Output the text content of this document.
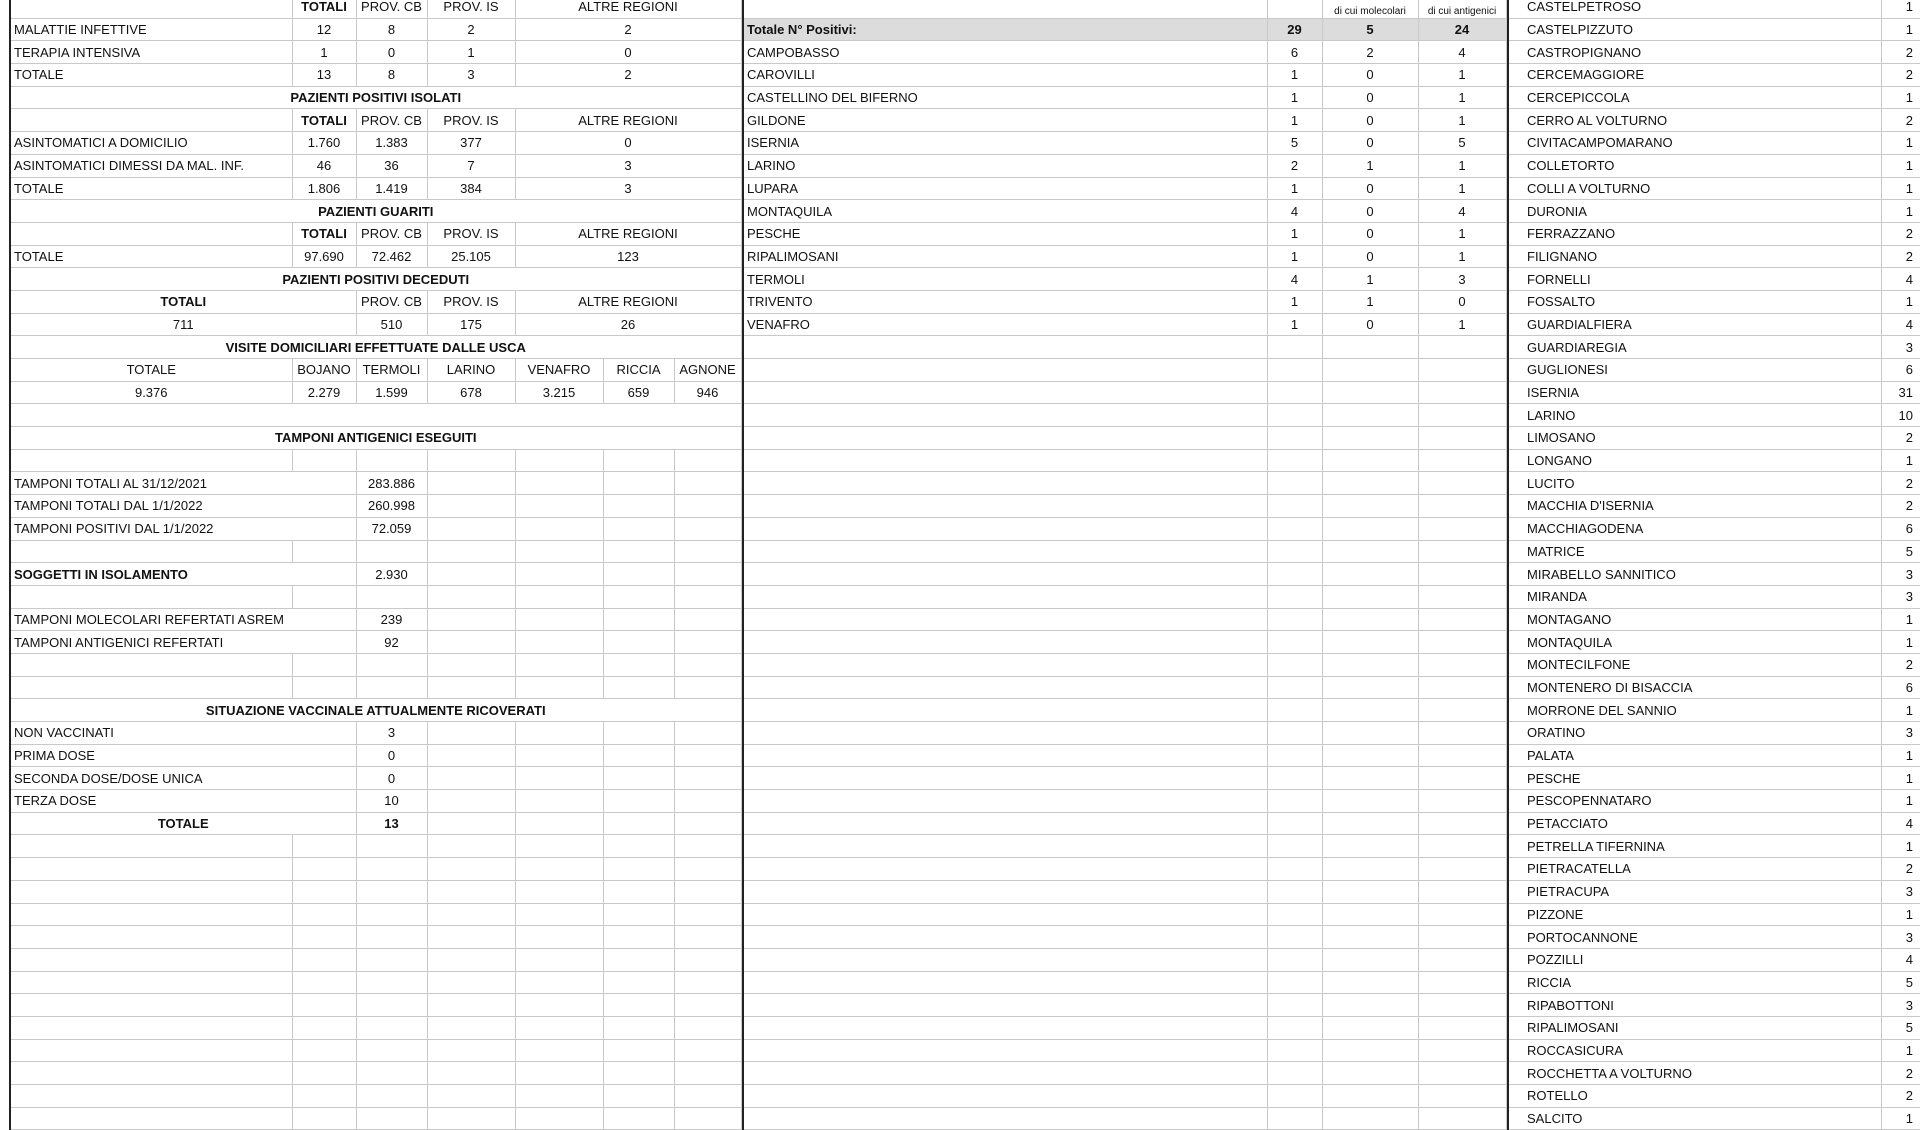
	TOTALI	PROV. CB	PROV. IS	ALTRE REGIONI		
MALATTIE INFETTIVE	12	8	2	2		
TERAPIA INTENSIVA	1	0	1	0		
TOTALE	13	8	3	2		
PAZIENTI POSITIVI ISOLATI						
	TOTALI	PROV. CB	PROV. IS	ALTRE REGIONI		
ASINTOMATICI A DOMICILIO	1.760	1.383	377	0		
ASINTOMATICI DIMESSI DA MAL. INF.	46	36	7	3		
TOTALE	1.806	1.419	384	3		
PAZIENTI GUARITI						
	TOTALI	PROV. CB	PROV. IS	ALTRE REGIONI		
TOTALE	97.690	72.462	25.105	123		
PAZIENTI POSITIVI DECEDUTI						
TOTALI		PROV. CB	PROV. IS	ALTRE REGIONI		
711		510	175	26		
VISITE DOMICILIARI EFFETTUATE DALLE USCA						
TOTALE	BOJANO	TERMOLI	LARINO	VENAFRO	RICCIA	AGNONE
9.376	2.279	1.599	678	3.215	659	946

TAMPONI ANTIGENICI ESEGUITI						

TAMPONI TOTALI AL 31/12/2021		283.886				
TAMPONI TOTALI DAL 1/1/2022		260.998				
TAMPONI POSITIVI DAL 1/1/2022		72.059				

SOGGETTI IN ISOLAMENTO		2.930				

TAMPONI MOLECOLARI REFERTATI ASREM		239				
TAMPONI ANTIGENICI REFERTATI		92				

SITUAZIONE VACCINALE ATTUALMENTE RICOVERATI						
NON VACCINATI		3				
PRIMA DOSE		0				
SECONDA DOSE/DOSE UNICA		0				
TERZA DOSE		10				
TOTALE		13				

		di cui molecolari	di cui antigenici
Totale N° Positivi:	29	5	24
CAMPOBASSO	6	2	4
CAROVILLI	1	0	1
CASTELLINO DEL BIFERNO	1	0	1
GILDONE	1	0	1
ISERNIA	5	0	5
LARINO	2	1	1
LUPARA	1	0	1
MONTAQUILA	4	0	4
PESCHE	1	0	1
RIPALIMOSANI	1	0	1
TERMOLI	4	1	3
TRIVENTO	1	1	0
VENAFRO	1	0	1

CASTELPETROSO	1
CASTELPIZZUTO	1
CASTROPIGNANO	2
CERCEMAGGIORE	2
CERCEPICCOLA	1
CERRO AL VOLTURNO	2
CIVITACAMPOMARANO	1
COLLETORTO	1
COLLI A VOLTURNO	1
DURONIA	1
FERRAZZANO	2
FILIGNANO	2
FORNELLI	4
FOSSALTO	1
GUARDIALFIERA	4
GUARDIAREGIA	3
GUGLIONESI	6
ISERNIA	31
LARINO	10
LIMOSANO	2
LONGANO	1
LUCITO	2
MACCHIA D'ISERNIA	2
MACCHIAGODENA	6
MATRICE	5
MIRABELLO SANNITICO	3
MIRANDA	3
MONTAGANO	1
MONTAQUILA	1
MONTECILFONE	2
MONTENERO DI BISACCIA	6
MORRONE DEL SANNIO	1
ORATINO	3
PALATA	1
PESCHE	1
PESCOPENNATARO	1
PETACCIATO	4
PETRELLA TIFERNINA	1
PIETRACATELLA	2
PIETRACUPA	3
PIZZONE	1
PORTOCANNONE	3
POZZILLI	4
RICCIA	5
RIPABOTTONI	3
RIPALIMOSANI	5
ROCCASICURA	1
ROCCHETTA A VOLTURNO	2
ROTELLO	2
SALCITO	1
